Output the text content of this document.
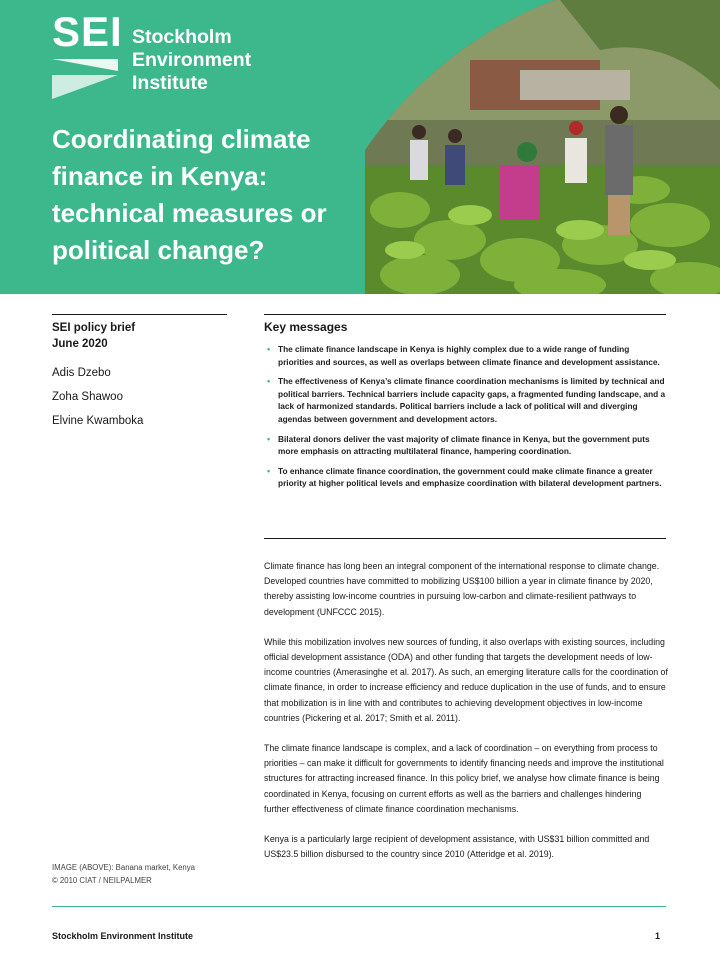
SEI Stockholm
Environment
Institute
Coordinating climate finance in Kenya: technical measures or political change?
SEI policy brief
June 2020
Adis Dzebo
Zoha Shawoo
Elvine Kwamboka
Key messages
• The climate finance landscape in Kenya is highly complex due to a wide range of funding priorities and sources, as well as overlaps between climate finance and development assistance.
• The effectiveness of Kenya’s climate finance coordination mechanisms is limited by technical and political barriers. Technical barriers include capacity gaps, a fragmented funding landscape, and a lack of harmonized standards. Political barriers include a lack of political will and diverging agendas between government and development actors.
• Bilateral donors deliver the vast majority of climate finance in Kenya, but the government puts more emphasis on attracting multilateral finance, hampering coordination.
• To enhance climate finance coordination, the government could make climate finance a greater priority at higher political levels and emphasize coordination with bilateral development partners.

Climate finance has long been an integral component of the international response to climate change. Developed countries have committed to mobilizing US$100 billion a year in climate finance by 2020, thereby assisting low-income countries in pursuing low-carbon and climate-resilient pathways to development (UNFCCC 2015).

While this mobilization involves new sources of funding, it also overlaps with existing sources, including official development assistance (ODA) and other funding that targets the development needs of low-income countries (Amerasinghe et al. 2017). As such, an emerging literature calls for the coordination of climate finance, in order to increase efficiency and reduce duplication in the use of funds, and to ensure that mobilization is in line with and contributes to achieving development objectives in low-income countries (Pickering et al. 2017; Smith et al. 2011).

The climate finance landscape is complex, and a lack of coordination – on everything from process to priorities – can make it difficult for governments to identify financing needs and improve the institutional structures for attracting increased finance. In this policy brief, we analyse how climate finance is being coordinated in Kenya, focusing on current efforts as well as the barriers and challenges hindering further effectiveness of climate finance coordination mechanisms.

Kenya is a particularly large recipient of development assistance, with US$31 billion committed and US$23.5 billion disbursed to the country since 2010 (Atteridge et al. 2019).

IMAGE (ABOVE): Banana market, Kenya
© 2010 CIAT / NEILPALMER
Stockholm Environment Institute	1
